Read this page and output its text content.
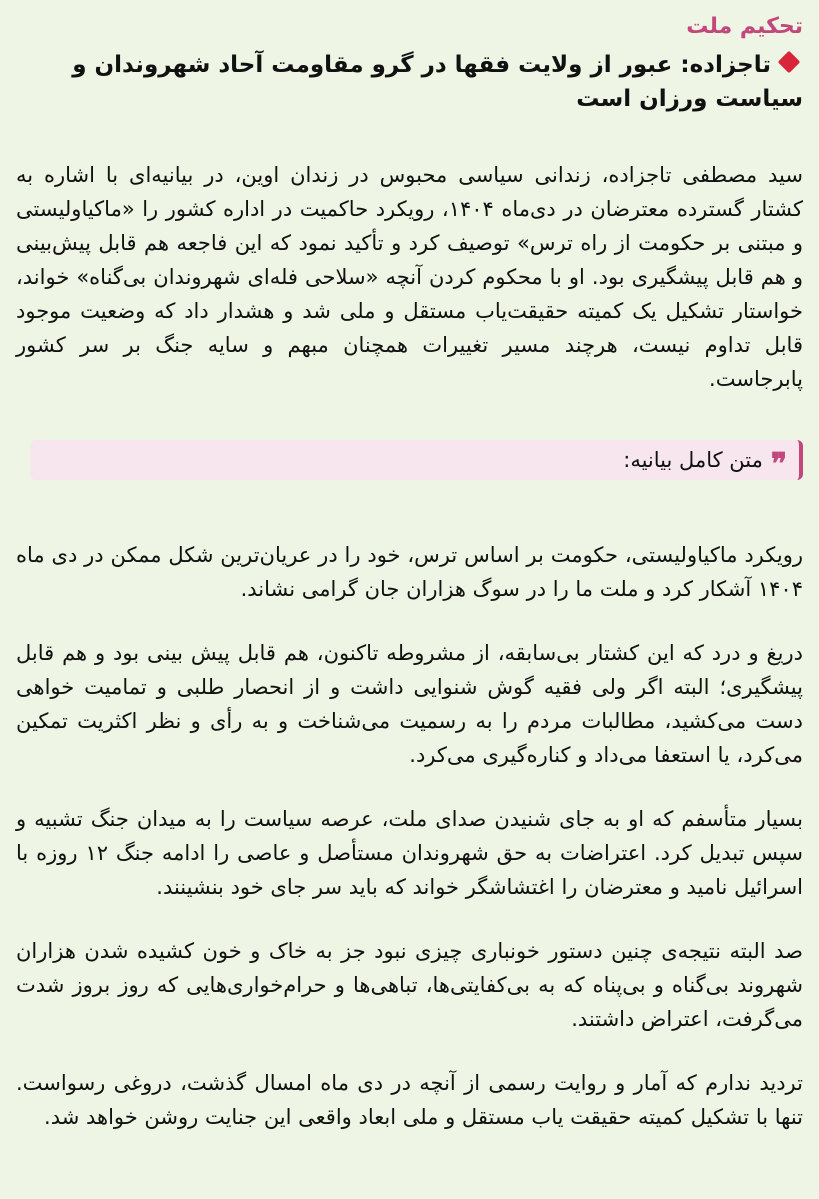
تحکیم ملت
تاجزاده: عبور از ولایت فقها در گرو مقاومت آحاد شهروندان و سیاست ورزان است

سید مصطفی تاجزاده، زندانی سیاسی محبوس در زندان اوین، در بیانیه‌ای با اشاره به کشتار گسترده معترضان در دی‌ماه ۱۴۰۴، رویکرد حاکمیت در اداره کشور را «ماکیاولیستی و مبتنی بر حکومت از راه ترس» توصیف کرد و تأکید نمود که این فاجعه هم قابل پیش‌بینی و هم قابل پیشگیری بود. او با محکوم کردن آنچه «سلاحی فله‌ای شهروندان بی‌گناه» خواند، خواستار تشکیل یک کمیته حقیقت‌یاب مستقل و ملی شد و هشدار داد که وضعیت موجود قابل تداوم نیست، هرچند مسیر تغییرات همچنان مبهم و سایه جنگ بر سر کشور پابرجاست.

❞
متن کامل بیانیه:

رویکرد ماکیاولیستی، حکومت بر اساس ترس، خود را در عریان‌ترین شکل ممکن در دی ماه ۱۴۰۴ آشکار کرد و ملت ما را در سوگ هزاران جان گرامی نشاند.

دریغ و درد که این کشتار بی‌سابقه، از مشروطه تاکنون، هم قابل پیش بینی بود و هم قابل پیشگیری؛ البته اگر ولی فقیه گوش شنوایی داشت و از انحصار طلبی و تمامیت خواهی دست می‌کشید، مطالبات مردم را به رسمیت می‌شناخت و به رأی و نظر اکثریت تمکین می‌کرد، یا استعفا می‌داد و کناره‌گیری می‌کرد.

بسیار متأسفم که او به جای شنیدن صدای ملت، عرصه سیاست را به میدان جنگ تشبیه و سپس تبدیل کرد. اعتراضات به حق شهروندان مستأصل و عاصی را ادامه جنگ ۱۲ روزه با اسرائیل نامید و معترضان را اغتشاشگر خواند که باید سر جای خود بنشینند.

صد البته نتیجه‌ی چنین دستور خونباری چیزی نبود جز به خاک و خون کشیده شدن هزاران شهروند بی‌گناه و بی‌پناه که به بی‌کفایتی‌ها، تباهی‌ها و حرام‌خواری‌هایی که روز بروز شدت می‌گرفت، اعتراض داشتند.

تردید ندارم که آمار و روایت رسمی از آنچه در دی ماه امسال گذشت، دروغی رسواست. تنها با تشکیل کمیته حقیقت یاب مستقل و ملی ابعاد واقعی این جنایت روشن خواهد شد.
